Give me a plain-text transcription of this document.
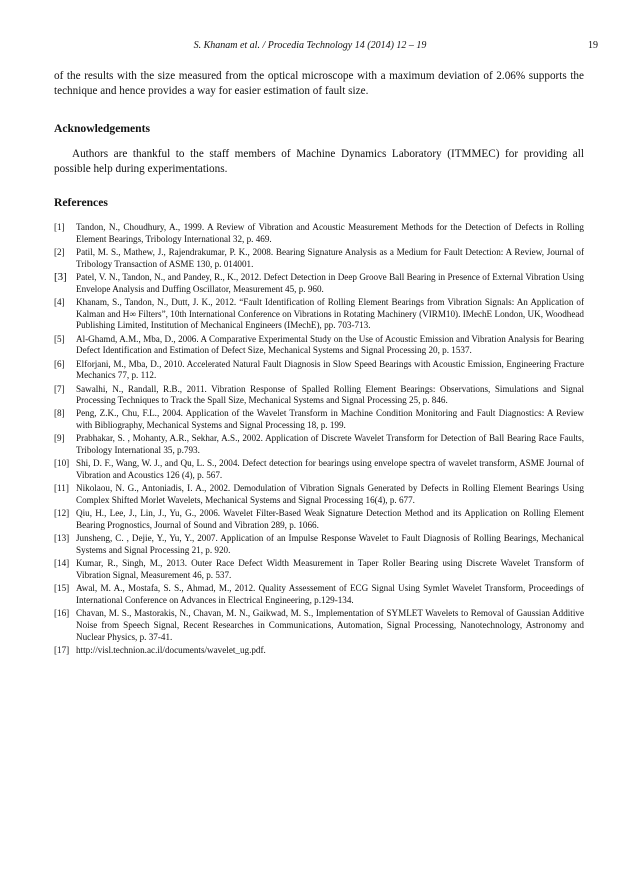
S. Khanam et al. / Procedia Technology 14 (2014) 12 – 19	19

of the results with the size measured from the optical microscope with a maximum deviation of 2.06% supports the technique and hence provides a way for easier estimation of fault size.

Acknowledgements

Authors are thankful to the staff members of Machine Dynamics Laboratory (ITMMEC) for providing all possible help during experimentations.

References
[1] Tandon, N., Choudhury, A., 1999. A Review of Vibration and Acoustic Measurement Methods for the Detection of Defects in Rolling Element Bearings, Tribology International 32, p. 469.
[2] Patil, M. S., Mathew, J., Rajendrakumar, P. K., 2008. Bearing Signature Analysis as a Medium for Fault Detection: A Review, Journal of Tribology Transaction of ASME 130, p. 014001.
[3] Patel, V. N., Tandon, N., and Pandey, R., K., 2012. Defect Detection in Deep Groove Ball Bearing in Presence of External Vibration Using Envelope Analysis and Duffing Oscillator, Measurement 45, p. 960.
[4] Khanam, S., Tandon, N., Dutt, J. K., 2012. “Fault Identification of Rolling Element Bearings from Vibration Signals: An Application of Kalman and H∞ Filters”, 10th International Conference on Vibrations in Rotating Machinery (VIRM10). IMechE London, UK, Woodhead Publishing Limited, Institution of Mechanical Engineers (IMechE), pp. 703-713.
[5] Al-Ghamd, A.M., Mba, D., 2006. A Comparative Experimental Study on the Use of Acoustic Emission and Vibration Analysis for Bearing Defect Identification and Estimation of Defect Size, Mechanical Systems and Signal Processing 20, p. 1537.
[6] Elforjani, M., Mba, D., 2010. Accelerated Natural Fault Diagnosis in Slow Speed Bearings with Acoustic Emission, Engineering Fracture Mechanics 77, p. 112.
[7] Sawalhi, N., Randall, R.B., 2011. Vibration Response of Spalled Rolling Element Bearings: Observations, Simulations and Signal Processing Techniques to Track the Spall Size, Mechanical Systems and Signal Processing 25, p. 846.
[8] Peng, Z.K., Chu, F.L., 2004. Application of the Wavelet Transform in Machine Condition Monitoring and Fault Diagnostics: A Review with Bibliography, Mechanical Systems and Signal Processing 18, p. 199.
[9] Prabhakar, S. , Mohanty, A.R., Sekhar, A.S., 2002. Application of Discrete Wavelet Transform for Detection of Ball Bearing Race Faults, Tribology International 35, p.793.
[10] Shi, D. F., Wang, W. J., and Qu, L. S., 2004. Defect detection for bearings using envelope spectra of wavelet transform, ASME Journal of Vibration and Acoustics 126 (4), p. 567.
[11] Nikolaou, N. G., Antoniadis, I. A., 2002. Demodulation of Vibration Signals Generated by Defects in Rolling Element Bearings Using Complex Shifted Morlet Wavelets, Mechanical Systems and Signal Processing 16(4), p. 677.
[12] Qiu, H., Lee, J., Lin, J., Yu, G., 2006. Wavelet Filter-Based Weak Signature Detection Method and its Application on Rolling Element Bearing Prognostics, Journal of Sound and Vibration 289, p. 1066.
[13] Junsheng, C. , Dejie, Y., Yu, Y., 2007. Application of an Impulse Response Wavelet to Fault Diagnosis of Rolling Bearings, Mechanical Systems and Signal Processing 21, p. 920.
[14] Kumar, R., Singh, M., 2013. Outer Race Defect Width Measurement in Taper Roller Bearing using Discrete Wavelet Transform of Vibration Signal, Measurement 46, p. 537.
[15] Awal, M. A., Mostafa, S. S., Ahmad, M., 2012. Quality Assessement of ECG Signal Using Symlet Wavelet Transform, Proceedings of International Conference on Advances in Electrical Engineering, p.129-134.
[16] Chavan, M. S., Mastorakis, N., Chavan, M. N., Gaikwad, M. S., Implementation of SYMLET Wavelets to Removal of Gaussian Additive Noise from Speech Signal, Recent Researches in Communications, Automation, Signal Processing, Nanotechnology, Astronomy and Nuclear Physics, p. 37-41.
[17] http://visl.technion.ac.il/documents/wavelet_ug.pdf.
